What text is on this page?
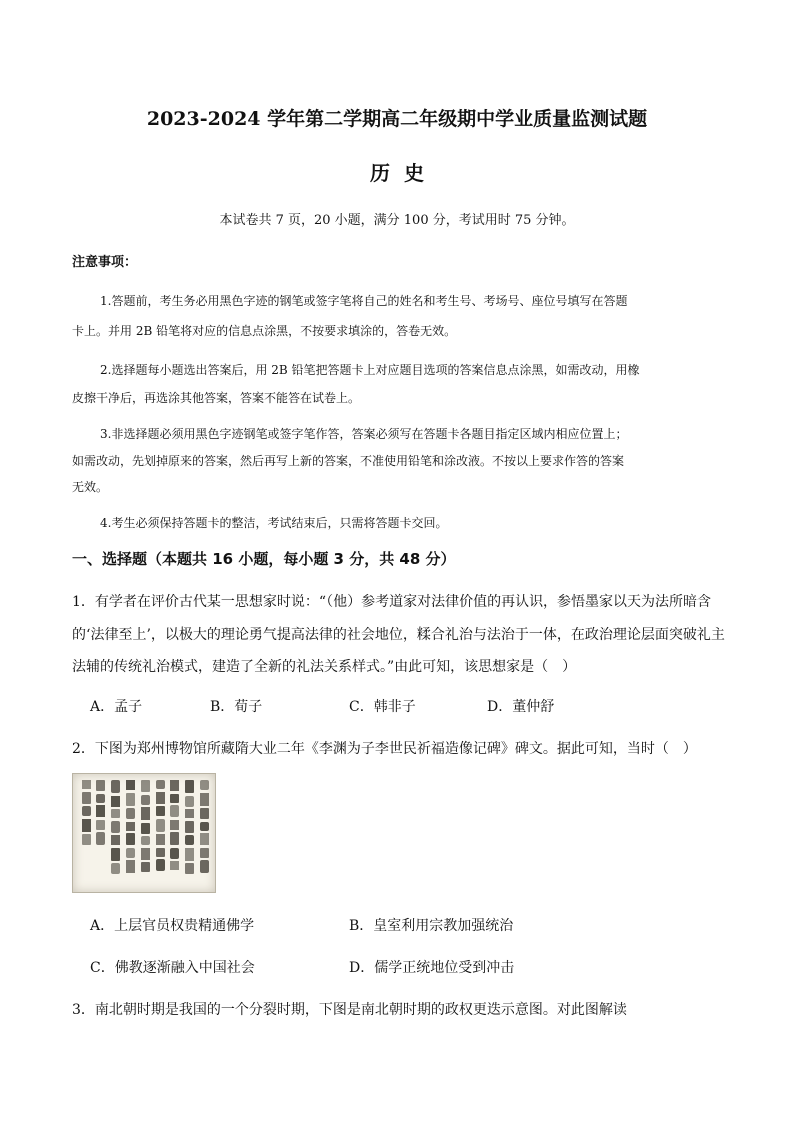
2023-2024 学年第二学期高二年级期中学业质量监测试题
历史
本试卷共 7 页，20 小题，满分 100 分，考试用时 75 分钟。
注意事项：
1.答题前，考生务必用黑色字迹的钢笔或签字笔将自己的姓名和考生号、考场号、座位号填写在答题
卡上。并用 2B 铅笔将对应的信息点涂黑，不按要求填涂的，答卷无效。
2.选择题每小题选出答案后，用 2B 铅笔把答题卡上对应题目选项的答案信息点涂黑，如需改动，用橡
皮擦干净后，再选涂其他答案，答案不能答在试卷上。
3.非选择题必须用黑色字迹钢笔或签字笔作答，答案必须写在答题卡各题目指定区域内相应位置上；
如需改动，先划掉原来的答案，然后再写上新的答案，不准使用铅笔和涂改液。不按以上要求作答的答案
无效。
4.考生必须保持答题卡的整洁，考试结束后，只需将答题卡交回。
一、选择题（本题共 16 小题，每小题 3 分，共 48 分）
1．有学者在评价古代某一思想家时说：“（他）参考道家对法律价值的再认识，参悟墨家以天为法所暗含
的‘法律至上’，以极大的理论勇气提高法律的社会地位，糅合礼治与法治于一体，在政治理论层面突破礼主
法辅的传统礼治模式，建造了全新的礼法关系样式。”由此可知，该思想家是（　）
A．孟子	B．荀子	C．韩非子	D．董仲舒
2．下图为郑州博物馆所藏隋大业二年《李渊为子李世民祈福造像记碑》碑文。据此可知，当时（　）
A．上层官员权贵精通佛学	B．皇室利用宗教加强统治
C．佛教逐渐融入中国社会	D．儒学正统地位受到冲击
3．南北朝时期是我国的一个分裂时期，下图是南北朝时期的政权更迭示意图。对此图解读
